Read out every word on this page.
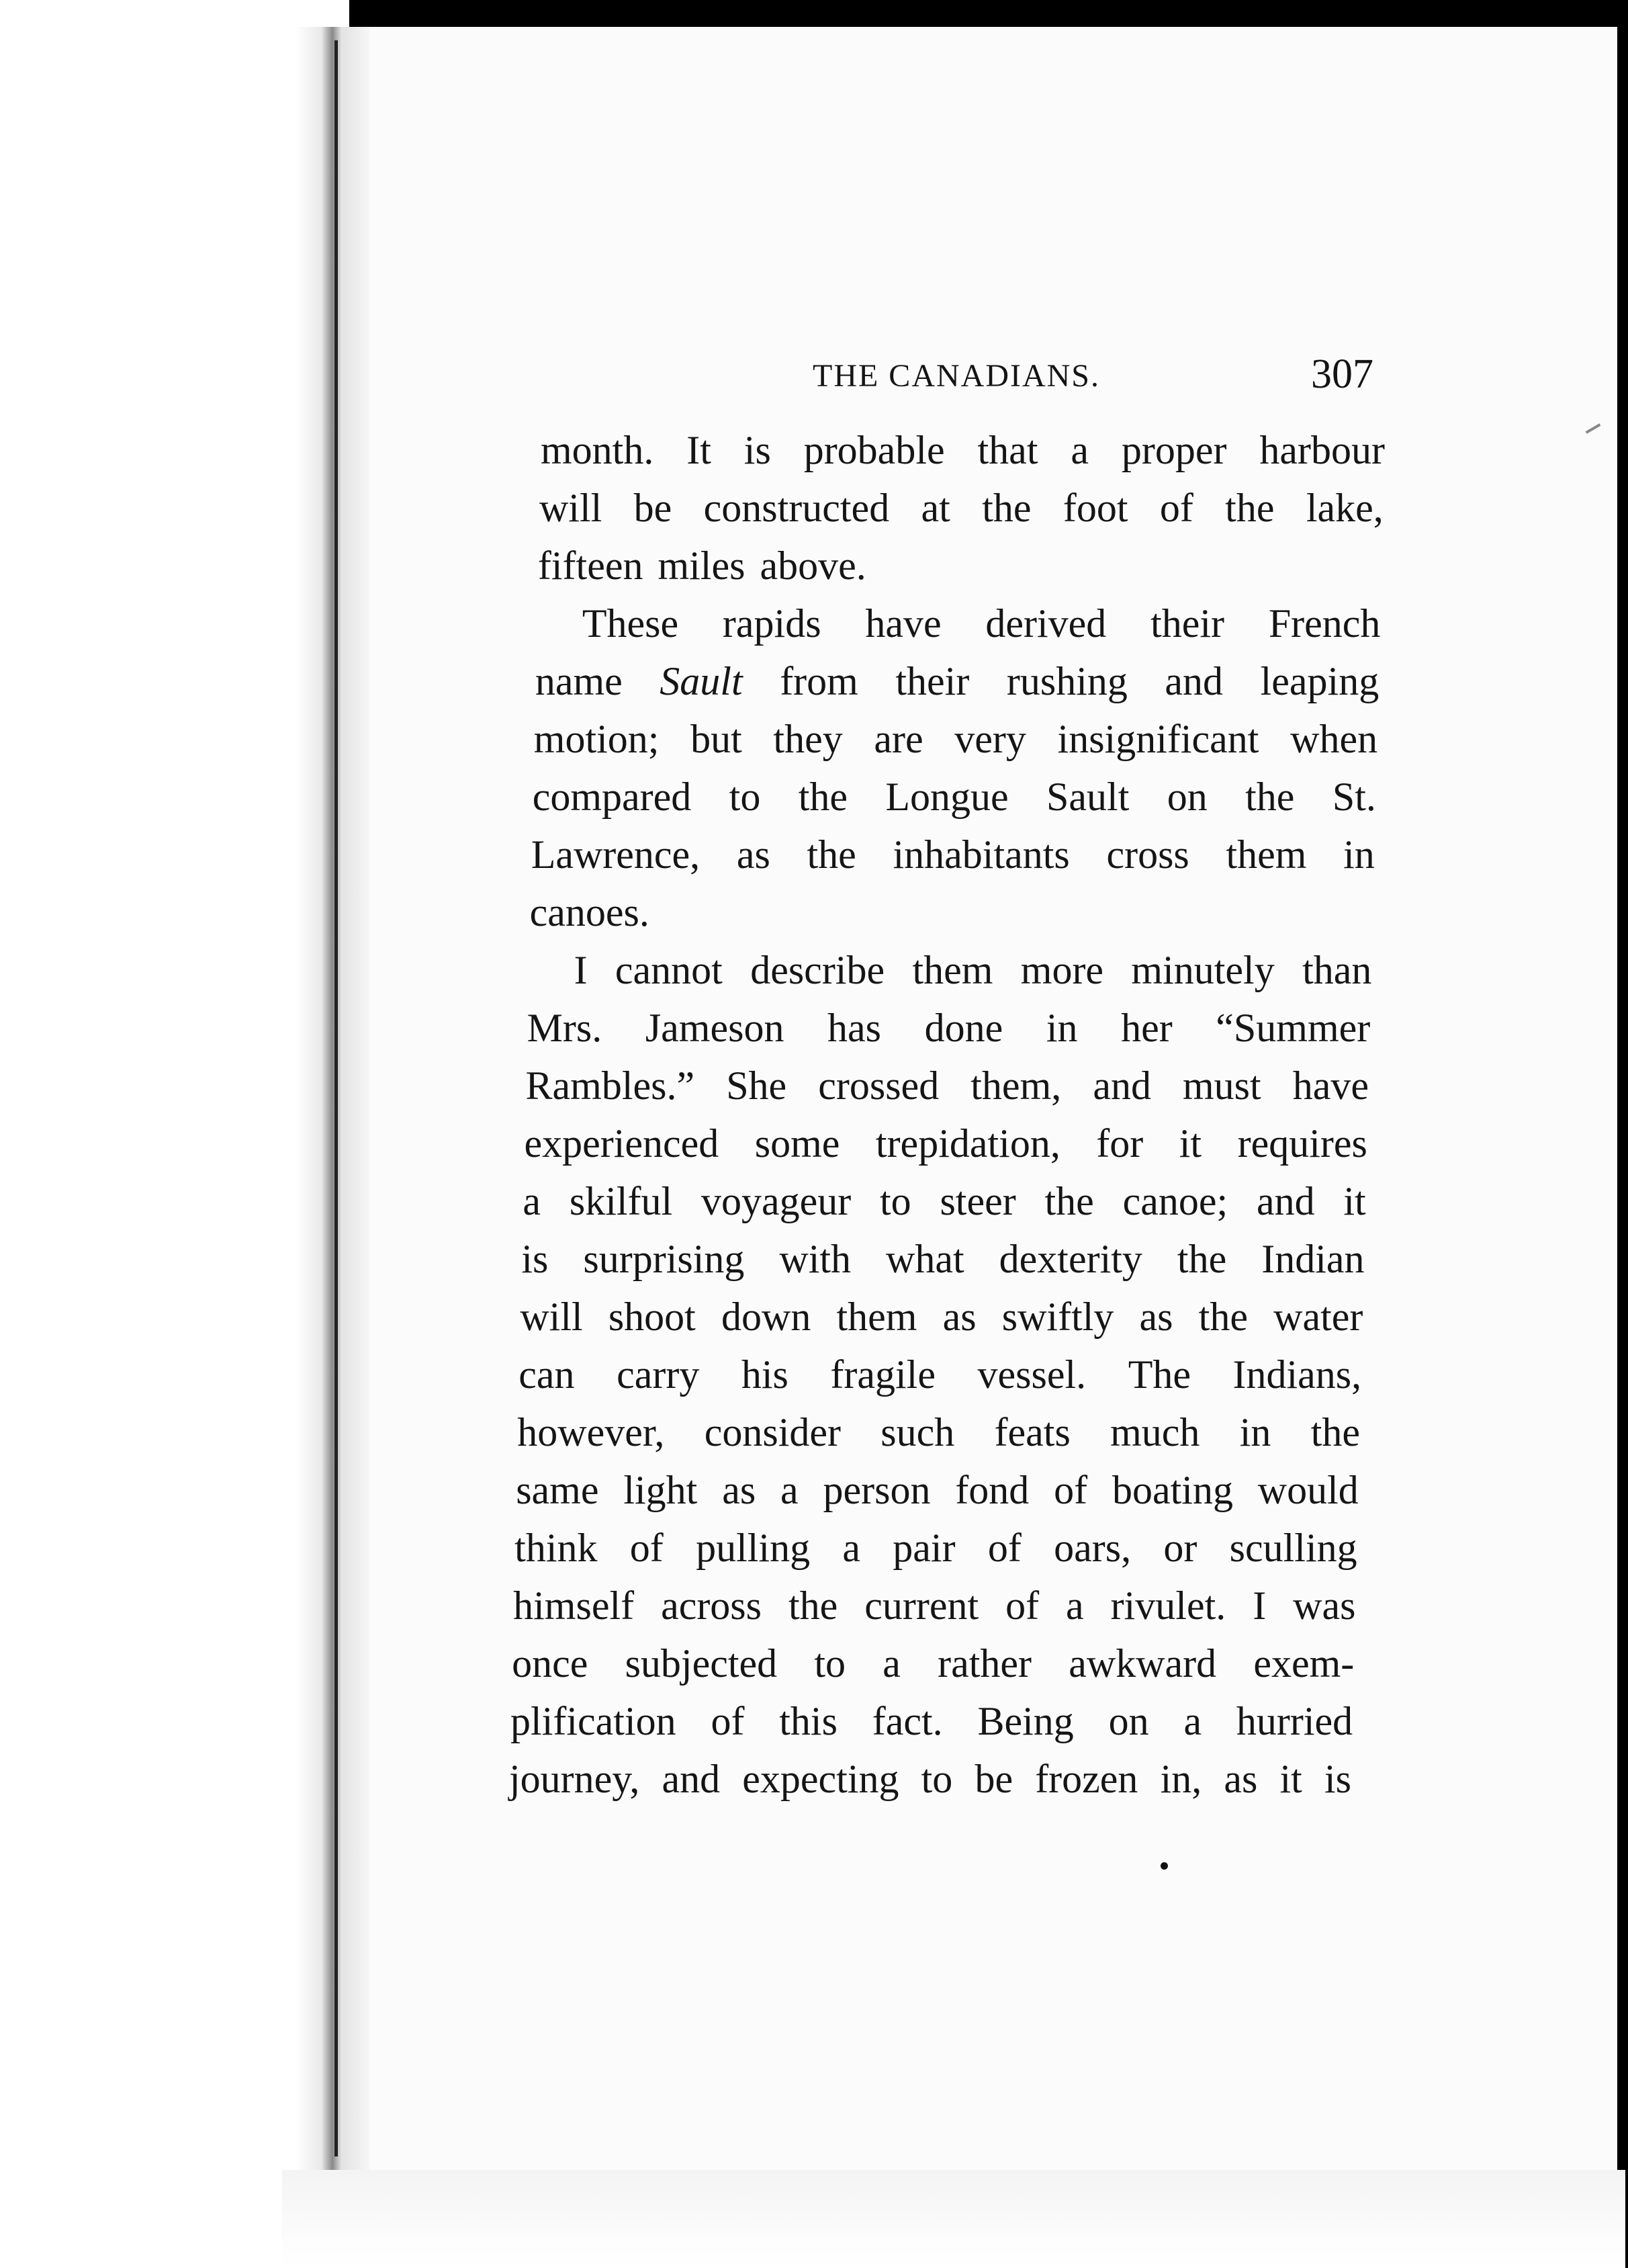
THE CANADIANS.	307
month. It is probable that a proper harbour
will be constructed at the foot of the lake,
fifteen miles above.
These rapids have derived their French
name Sault from their rushing and leaping
motion; but they are very insignificant when
compared to the Longue Sault on the St.
Lawrence, as the inhabitants cross them in
canoes.
I cannot describe them more minutely than
Mrs. Jameson has done in her “Summer
Rambles.” She crossed them, and must have
experienced some trepidation, for it requires
a skilful voyageur to steer the canoe; and it
is surprising with what dexterity the Indian
will shoot down them as swiftly as the water
can carry his fragile vessel. The Indians,
however, consider such feats much in the
same light as a person fond of boating would
think of pulling a pair of oars, or sculling
himself across the current of a rivulet. I was
once subjected to a rather awkward exem-
plification of this fact. Being on a hurried
journey, and expecting to be frozen in, as it is
